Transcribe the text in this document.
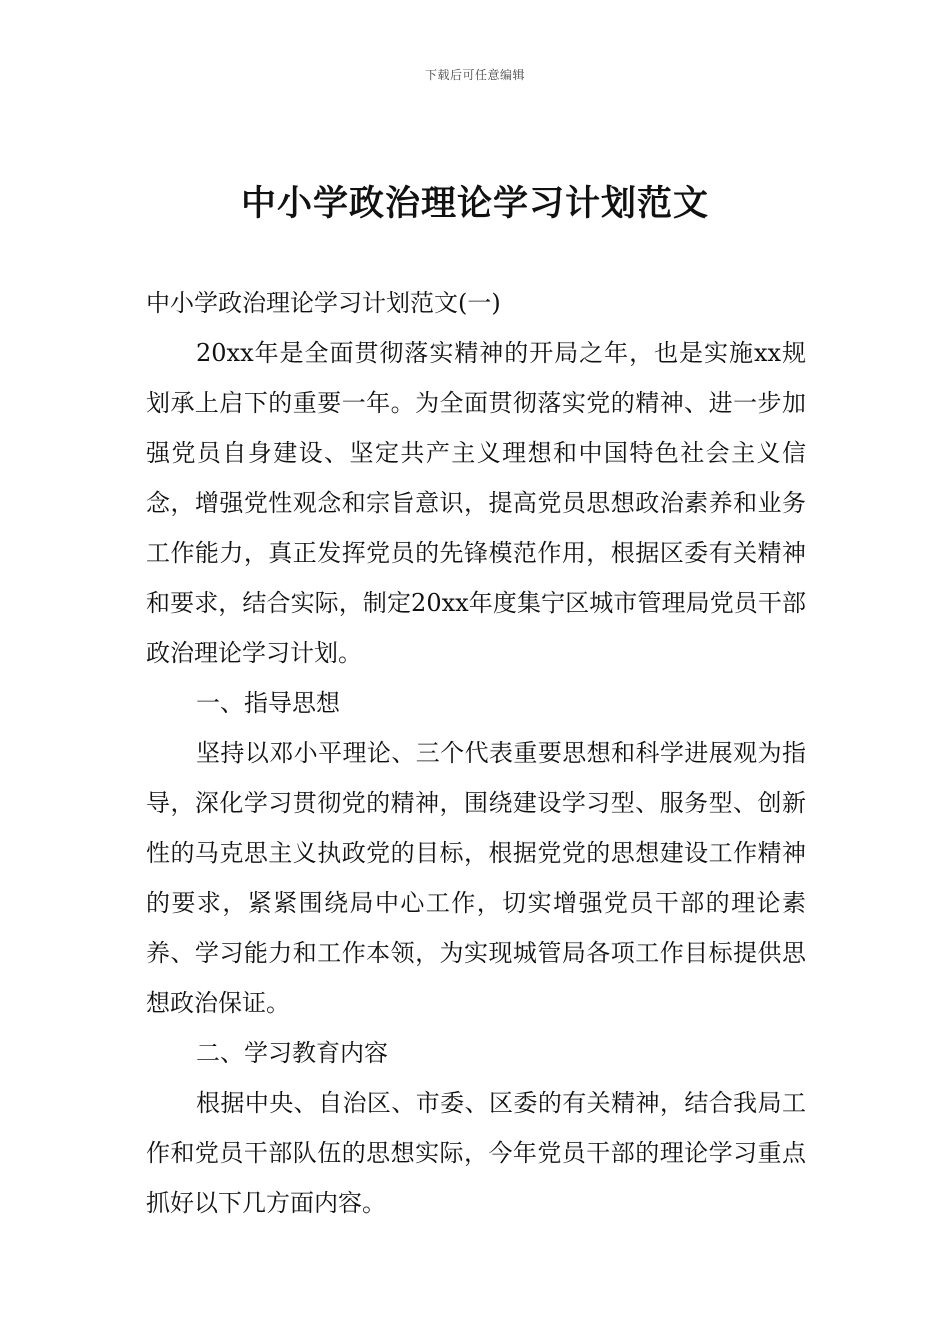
下载后可任意编辑
中小学政治理论学习计划范文

中小学政治理论学习计划范文(一)

20xx年是全面贯彻落实精神的开局之年，也是实施xx规划承上启下的重要一年。为全面贯彻落实党的精神、进一步加强党员自身建设、坚定共产主义理想和中国特色社会主义信念，增强党性观念和宗旨意识，提高党员思想政治素养和业务工作能力，真正发挥党员的先锋模范作用，根据区委有关精神和要求，结合实际，制定20xx年度集宁区城市管理局党员干部政治理论学习计划。

一、指导思想

坚持以邓小平理论、三个代表重要思想和科学进展观为指导，深化学习贯彻党的精神，围绕建设学习型、服务型、创新性的马克思主义执政党的目标，根据党党的思想建设工作精神的要求，紧紧围绕局中心工作，切实增强党员干部的理论素养、学习能力和工作本领，为实现城管局各项工作目标提供思想政治保证。

二、学习教育内容

根据中央、自治区、市委、区委的有关精神，结合我局工作和党员干部队伍的思想实际，今年党员干部的理论学习重点抓好以下几方面内容。
